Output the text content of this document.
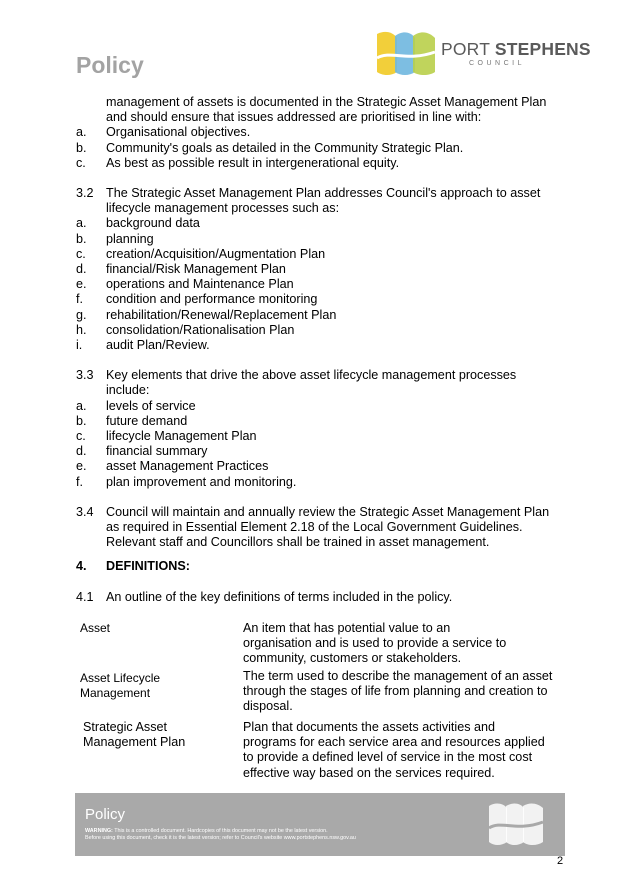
Policy
PORT STEPHENS
COUNCIL
management of assets is documented in the Strategic Asset Management Plan
and should ensure that issues addressed are prioritised in line with:
a. Organisational objectives.
b. Community's goals as detailed in the Community Strategic Plan.
c. As best as possible result in intergenerational equity.
3.2 The Strategic Asset Management Plan addresses Council's approach to asset
lifecycle management processes such as:
a. background data
b. planning
c. creation/Acquisition/Augmentation Plan
d. financial/Risk Management Plan
e. operations and Maintenance Plan
f. condition and performance monitoring
g. rehabilitation/Renewal/Replacement Plan
h. consolidation/Rationalisation Plan
i. audit Plan/Review.
3.3 Key elements that drive the above asset lifecycle management processes
include:
a. levels of service
b. future demand
c. lifecycle Management Plan
d. financial summary
e. asset Management Practices
f. plan improvement and monitoring.
3.4 Council will maintain and annually review the Strategic Asset Management Plan
as required in Essential Element 2.18 of the Local Government Guidelines.
Relevant staff and Councillors shall be trained in asset management.
4. DEFINITIONS:
4.1 An outline of the key definitions of terms included in the policy.
Asset	An item that has potential value to an
organisation and is used to provide a service to
community, customers or stakeholders.
Asset Lifecycle
Management
The term used to describe the management of an asset
through the stages of life from planning and creation to
disposal.
Strategic Asset
Management Plan
Plan that documents the assets activities and
programs for each service area and resources applied
to provide a defined level of service in the most cost
effective way based on the services required.
Policy
WARNING: This is a controlled document. Hardcopies of this document may not be the latest version.
Before using this document, check it is the latest version; refer to Council's website www.portstephens.nsw.gov.au
2
